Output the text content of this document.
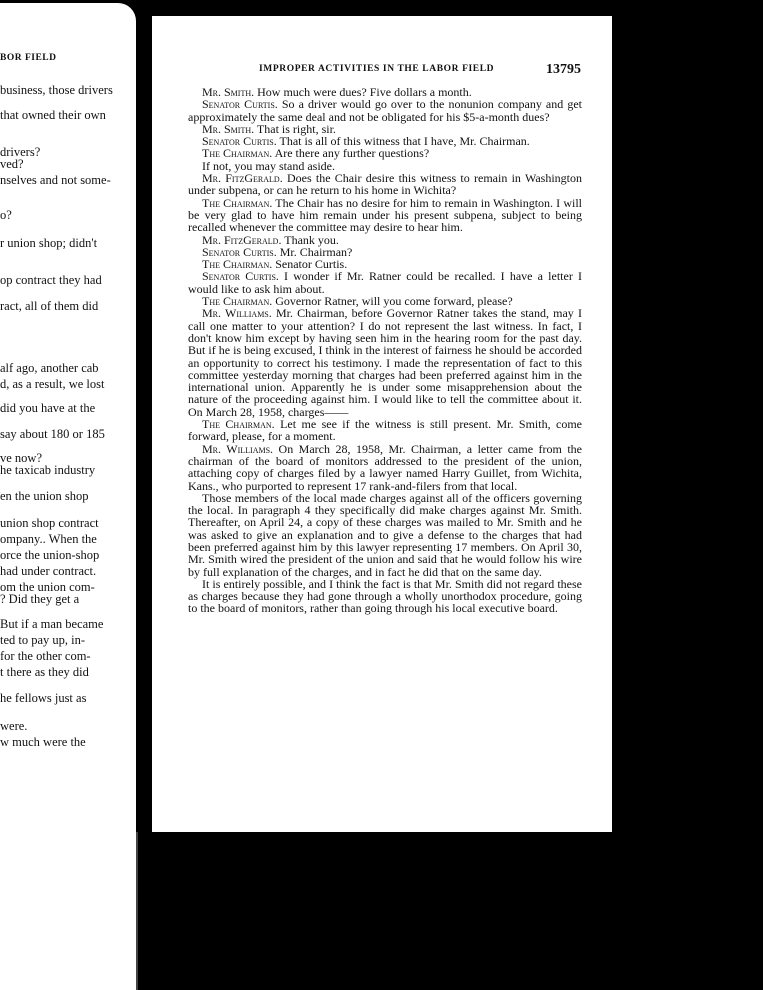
BOR FIELD
business, those drivers
that owned their own
drivers?
ved?
nselves and not some-
o?
r union shop; didn't
op contract they had
ract, all of them did
alf ago, another cab
d, as a result, we lost
did you have at the
say about 180 or 185
ve now?
he taxicab industry
en the union shop
union shop contract
ompany.. When the
orce the union-shop
had under contract.
om the union com-
? Did they get a
But if a man became
ted to pay up, in-
for the other com-
t there as they did
he fellows just as
were.
w much were the
IMPROPER ACTIVITIES IN THE LABOR FIELD	13795

Mr. Smith. How much were dues? Five dollars a month.

Senator Curtis. So a driver would go over to the nonunion company and get approximately the same deal and not be obligated for his $5-a-month dues?

Mr. Smith. That is right, sir.

Senator Curtis. That is all of this witness that I have, Mr. Chairman.

The Chairman. Are there any further questions?

If not, you may stand aside.

Mr. FitzGerald. Does the Chair desire this witness to remain in Washington under subpena, or can he return to his home in Wichita?

The Chairman. The Chair has no desire for him to remain in Washington. I will be very glad to have him remain under his present subpena, subject to being recalled whenever the committee may desire to hear him.

Mr. FitzGerald. Thank you.

Senator Curtis. Mr. Chairman?

The Chairman. Senator Curtis.

Senator Curtis. I wonder if Mr. Ratner could be recalled. I have a letter I would like to ask him about.

The Chairman. Governor Ratner, will you come forward, please?

Mr. Williams. Mr. Chairman, before Governor Ratner takes the stand, may I call one matter to your attention? I do not represent the last witness. In fact, I don't know him except by having seen him in the hearing room for the past day. But if he is being excused, I think in the interest of fairness he should be accorded an opportunity to correct his testimony. I made the representation of fact to this committee yesterday morning that charges had been preferred against him in the international union. Apparently he is under some misapprehension about the nature of the proceeding against him. I would like to tell the committee about it. On March 28, 1958, charges——

The Chairman. Let me see if the witness is still present. Mr. Smith, come forward, please, for a moment.

Mr. Williams. On March 28, 1958, Mr. Chairman, a letter came from the chairman of the board of monitors addressed to the president of the union, attaching copy of charges filed by a lawyer named Harry Guillet, from Wichita, Kans., who purported to represent 17 rank-and-filers from that local.

Those members of the local made charges against all of the officers governing the local. In paragraph 4 they specifically did make charges against Mr. Smith. Thereafter, on April 24, a copy of these charges was mailed to Mr. Smith and he was asked to give an explanation and to give a defense to the charges that had been preferred against him by this lawyer representing 17 members. On April 30, Mr. Smith wired the president of the union and said that he would follow his wire by full explanation of the charges, and in fact he did that on the same day.

It is entirely possible, and I think the fact is that Mr. Smith did not regard these as charges because they had gone through a wholly unorthodox procedure, going to the board of monitors, rather than going through his local executive board.
